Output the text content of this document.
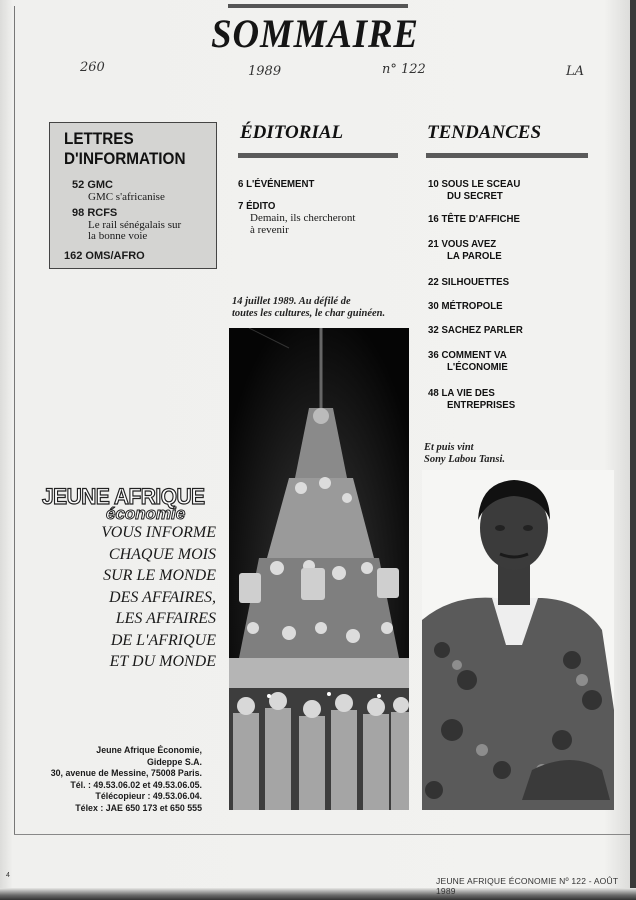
SOMMAIRE
260	1989	n° 122	LA
LETTRES
D'INFORMATION
52 GMC
GMC s'africanise
98 RCFS
Le rail sénégalais sur
la bonne voie
162 OMS/AFRO
ÉDITORIAL
6 L'ÉVÉNEMENT
7 ÉDITO
Demain, ils chercheront
à revenir
TENDANCES
10 SOUS LE SCEAU
DU SECRET
16 TÊTE D'AFFICHE
21 VOUS AVEZ
LA PAROLE
22 SILHOUETTES
30 MÉTROPOLE
32 SACHEZ PARLER
36 COMMENT VA
L'ÉCONOMIE
48 LA VIE DES
ENTREPRISES
14 juillet 1989. Au défilé de
toutes les cultures, le char guinéen.
Et puis vint
Sony Labou Tansi.
JEUNE AFRIQUE
économie
VOUS INFORME
CHAQUE MOIS
SUR LE MONDE
DES AFFAIRES,
LES AFFAIRES
DE L'AFRIQUE
ET DU MONDE
Jeune Afrique Économie,
Gideppe S.A.
30, avenue de Messine, 75008 Paris.
Tél. : 49.53.06.02 et 49.53.06.05.
Télécopieur : 49.53.06.04.
Télex : JAE 650 173 et 650 555
4
JEUNE AFRIQUE ÉCONOMIE Nº 122 - AOÛT 1989
